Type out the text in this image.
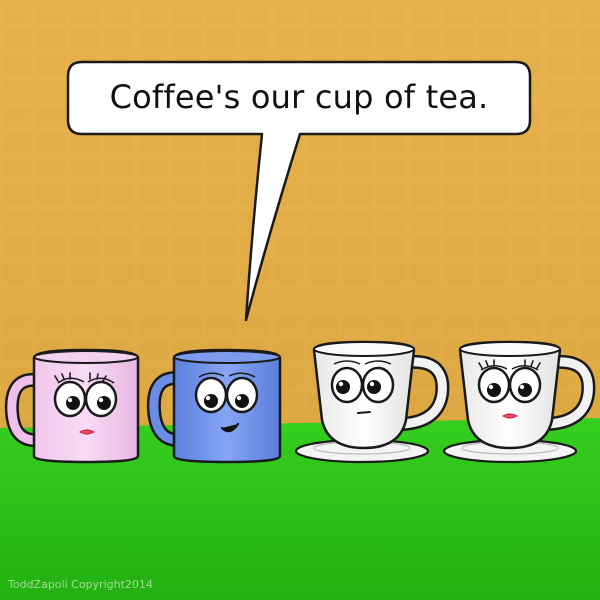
Coffee's our cup of tea.
ToddZapoli Copyright2014
